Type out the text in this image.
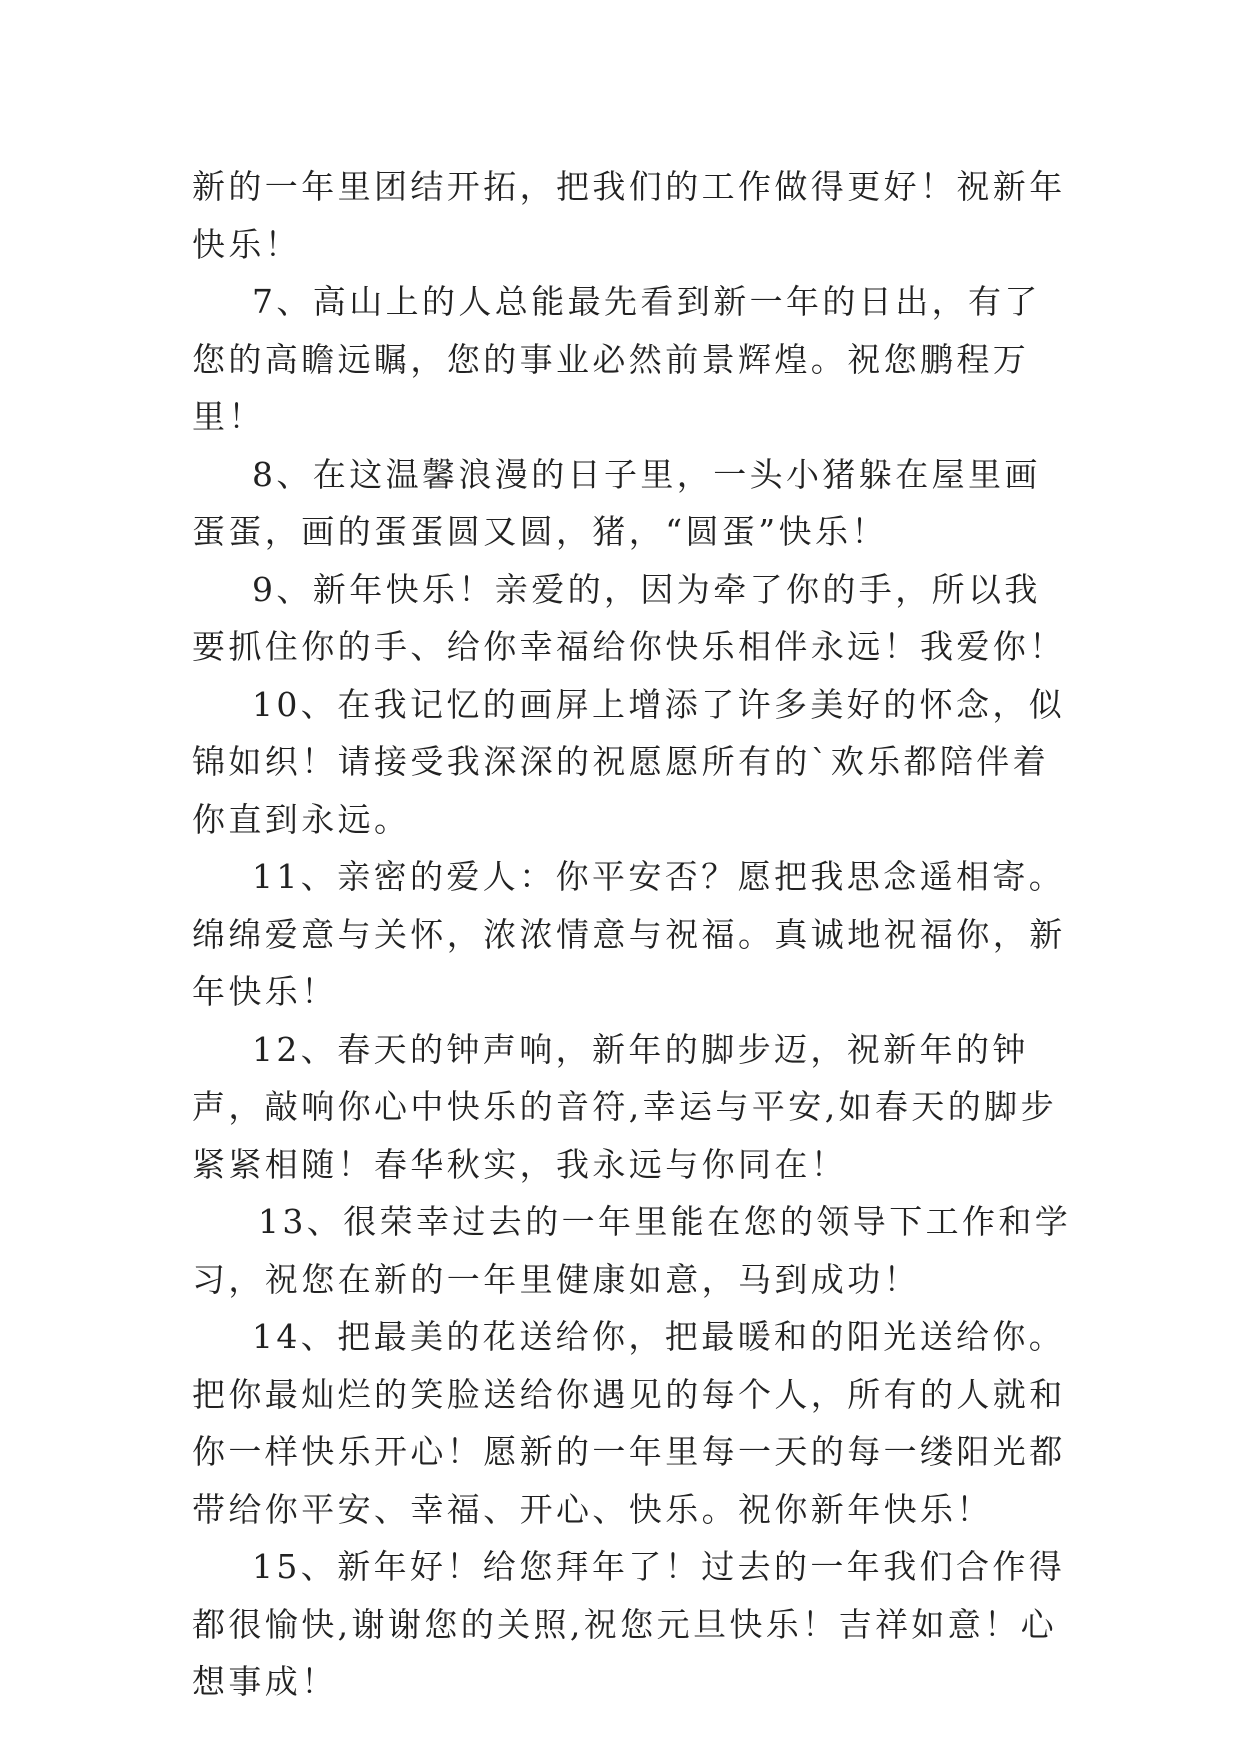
新的一年里团结开拓，把我们的工作做得更好！祝新年快乐！

7、高山上的人总能最先看到新一年的日出，有了您的高瞻远瞩，您的事业必然前景辉煌。祝您鹏程万里！

8、在这温馨浪漫的日子里，一头小猪躲在屋里画蛋蛋，画的蛋蛋圆又圆，猪，“圆蛋”快乐！

9、新年快乐！亲爱的，因为牵了你的手，所以我要抓住你的手、给你幸福给你快乐相伴永远！我爱你！

10、在我记忆的画屏上增添了许多美好的怀念，似锦如织！请接受我深深的祝愿愿所有的`欢乐都陪伴着你直到永远。

11、亲密的爱人：你平安否？愿把我思念遥相寄。绵绵爱意与关怀，浓浓情意与祝福。真诚地祝福你，新年快乐！

12、春天的钟声响，新年的脚步迈，祝新年的钟声，敲响你心中快乐的音符,幸运与平安,如春天的脚步紧紧相随！春华秋实，我永远与你同在！

13、很荣幸过去的一年里能在您的领导下工作和学习，祝您在新的一年里健康如意，马到成功！

14、把最美的花送给你，把最暖和的阳光送给你。把你最灿烂的笑脸送给你遇见的每个人，所有的人就和你一样快乐开心！愿新的一年里每一天的每一缕阳光都带给你平安、幸福、开心、快乐。祝你新年快乐！

15、新年好！给您拜年了！过去的一年我们合作得都很愉快,谢谢您的关照,祝您元旦快乐！吉祥如意！心想事成！
